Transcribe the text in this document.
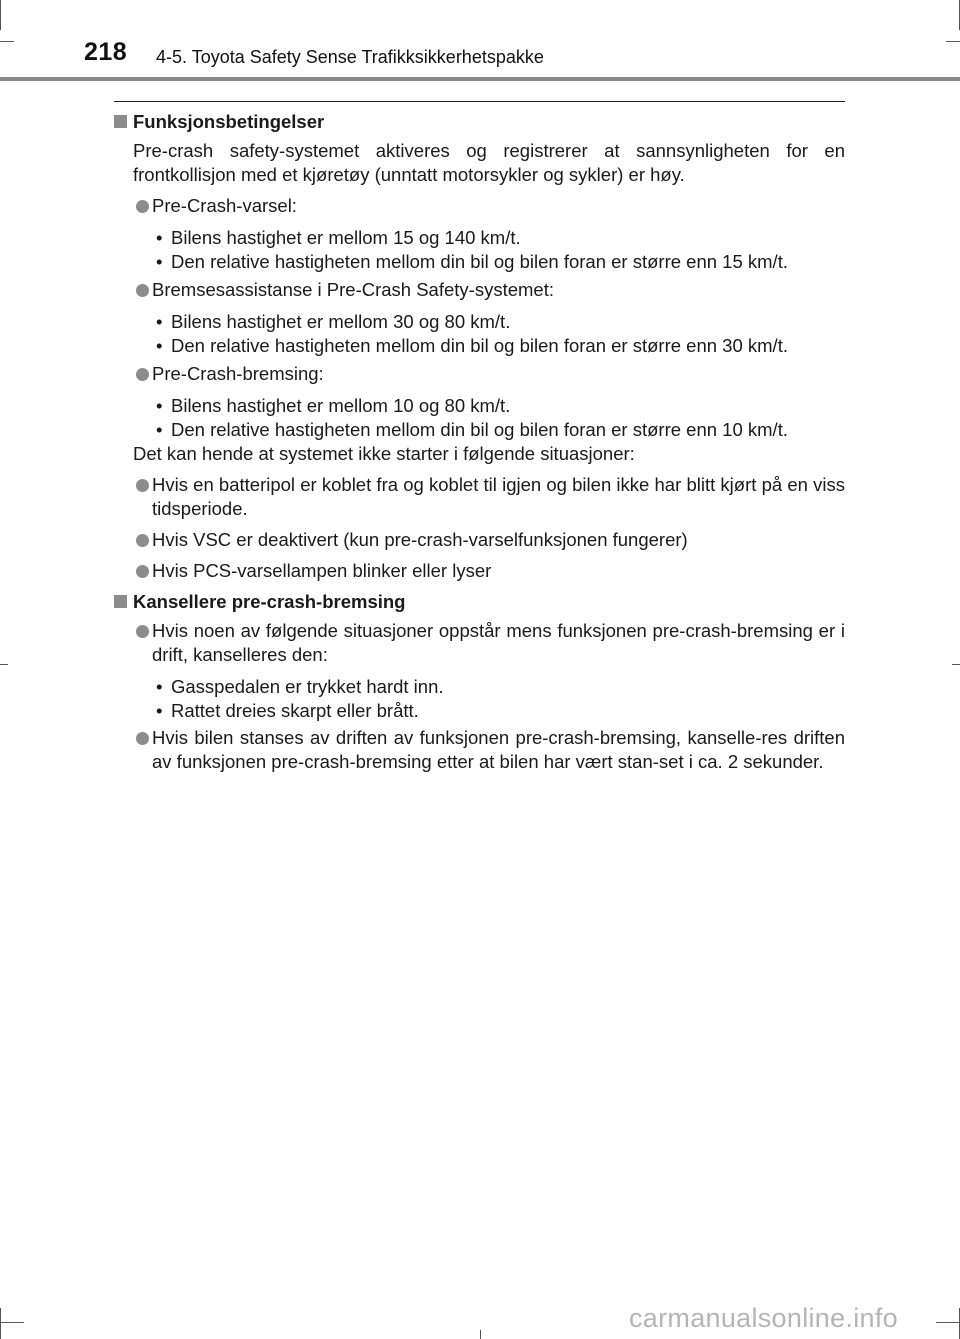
218 4-5. Toyota Safety Sense Trafikksikkerhetspakke
Funksjonsbetingelser
Pre-crash safety-systemet aktiveres og registrerer at sannsynligheten for en frontkollisjon med et kjøretøy (unntatt motorsykler og sykler) er høy.
Pre-Crash-varsel:
• Bilens hastighet er mellom 15 og 140 km/t.
• Den relative hastigheten mellom din bil og bilen foran er større enn 15 km/t.
Bremsesassistanse i Pre-Crash Safety-systemet:
• Bilens hastighet er mellom 30 og 80 km/t.
• Den relative hastigheten mellom din bil og bilen foran er større enn 30 km/t.
Pre-Crash-bremsing:
• Bilens hastighet er mellom 10 og 80 km/t.
• Den relative hastigheten mellom din bil og bilen foran er større enn 10 km/t.
Det kan hende at systemet ikke starter i følgende situasjoner:
Hvis en batteripol er koblet fra og koblet til igjen og bilen ikke har blitt kjørt på en viss tidsperiode.
Hvis VSC er deaktivert (kun pre-crash-varselfunksjonen fungerer)
Hvis PCS-varsellampen blinker eller lyser
Kansellere pre-crash-bremsing
Hvis noen av følgende situasjoner oppstår mens funksjonen pre-crash-bremsing er i drift, kanselleres den:
• Gasspedalen er trykket hardt inn.
• Rattet dreies skarpt eller brått.
Hvis bilen stanses av driften av funksjonen pre-crash-bremsing, kanselle-res driften av funksjonen pre-crash-bremsing etter at bilen har vært stan-set i ca. 2 sekunder.
carmanualsonline.info
